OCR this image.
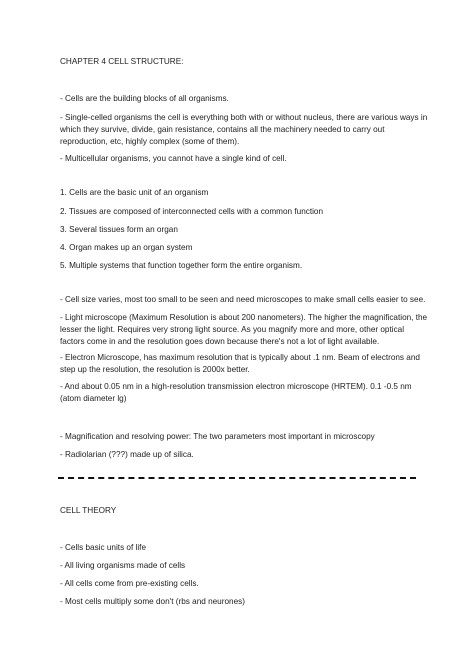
CHAPTER 4 CELL STRUCTURE:
- Cells are the building blocks of all organisms.
- Single-celled organisms the cell is everything both with or without nucleus, there are various ways in which they survive, divide, gain resistance, contains all the machinery needed to carry out reproduction, etc, highly complex (some of them).
- Multicellular organisms, you cannot have a single kind of cell.
1. Cells are the basic unit of an organism
2. Tissues are composed of interconnected cells with a common function
3. Several tissues form an organ
4. Organ makes up an organ system
5. Multiple systems that function together form the entire organism.
- Cell size varies, most too small to be seen and need microscopes to make small cells easier to see.
- Light microscope (Maximum Resolution is about 200 nanometers). The higher the magnification, the lesser the light. Requires very strong light source. As you magnify more and more, other optical factors come in and the resolution goes down because there's not a lot of light available.
- Electron Microscope, has maximum resolution that is typically about .1 nm. Beam of electrons and step up the resolution, the resolution is 2000x better.
- And about 0.05 nm in a high-resolution transmission electron microscope (HRTEM). 0.1 -0.5 nm (atom diameter lg)
- Magnification and resolving power: The two parameters most important in microscopy
- Radiolarian (???) made up of silica.
CELL THEORY
- Cells basic units of life
- All living organisms made of cells
- All cells come from pre-existing cells.
- Most cells multiply some don't (rbs and neurones)
